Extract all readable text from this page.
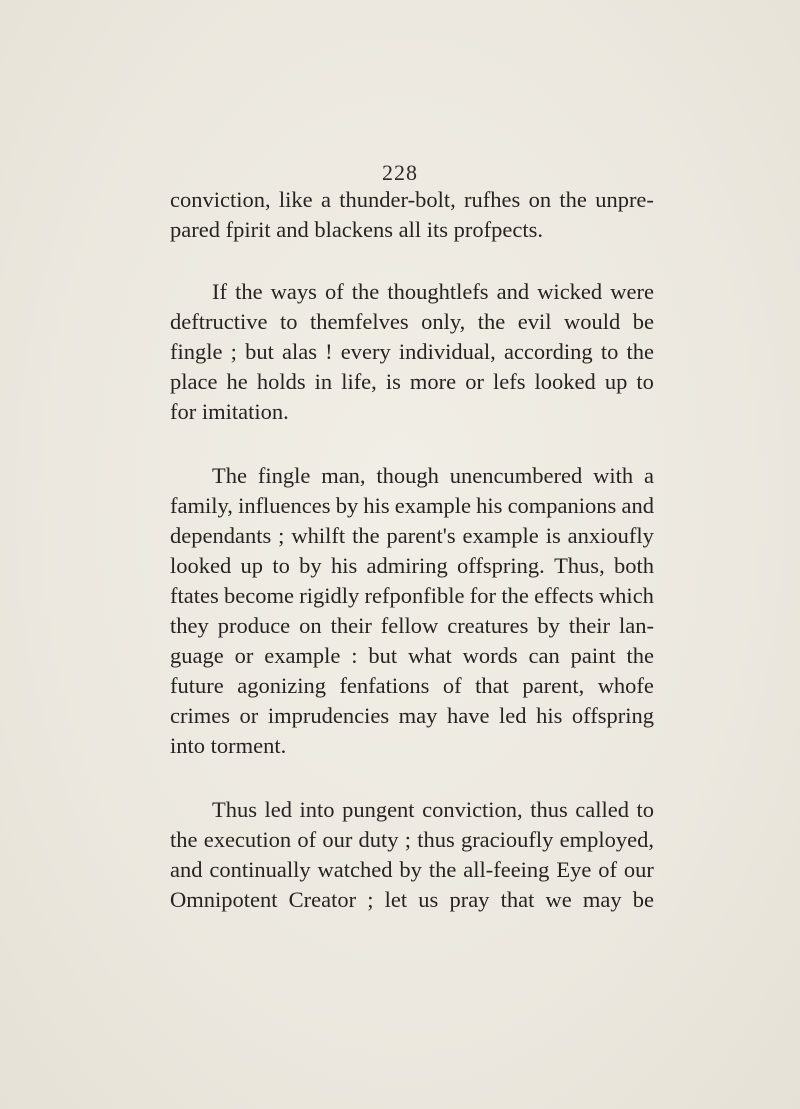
228
conviction, like a thunder-bolt, rufhes on the unpre-
pared fpirit and blackens all its profpects.
If the ways of the thoughtlefs and wicked were
deftructive to themfelves only, the evil would be
fingle ; but alas ! every individual, according to the
place he holds in life, is more or lefs looked up to
for imitation.
The fingle man, though unencumbered with a
family, influences by his example his companions and
dependants ; whilft the parent's example is anxioufly
looked up to by his admiring offspring. Thus, both
ftates become rigidly refponfible for the effects which
they produce on their fellow creatures by their lan-
guage or example : but what words can paint the
future agonizing fenfations of that parent, whofe
crimes or imprudencies may have led his offspring
into torment.
Thus led into pungent conviction, thus called to
the execution of our duty ; thus gracioufly employed,
and continually watched by the all-feeing Eye of our
Omnipotent Creator ; let us pray that we may be
